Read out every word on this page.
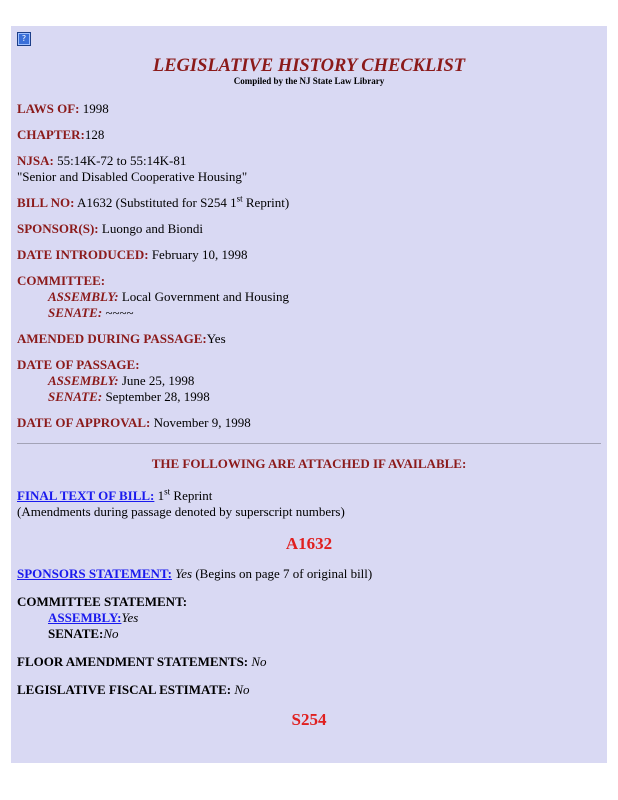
?
LEGISLATIVE HISTORY CHECKLIST

Compiled by the NJ State Law Library

LAWS OF: 1998

CHAPTER:128

NJSA: 55:14K-72 to 55:14K-81
"Senior and Disabled Cooperative Housing"

BILL NO: A1632 (Substituted for S254 1st Reprint)

SPONSOR(S): Luongo and Biondi

DATE INTRODUCED: February 10, 1998

COMMITTEE:
ASSEMBLY: Local Government and Housing
SENATE: ~~~~

AMENDED DURING PASSAGE:Yes

DATE OF PASSAGE:
ASSEMBLY: June 25, 1998
SENATE: September 28, 1998

DATE OF APPROVAL: November 9, 1998

THE FOLLOWING ARE ATTACHED IF AVAILABLE:

FINAL TEXT OF BILL: 1st Reprint
(Amendments during passage denoted by superscript numbers)

A1632

SPONSORS STATEMENT: Yes (Begins on page 7 of original bill)

COMMITTEE STATEMENT:
ASSEMBLY:Yes
SENATE:No

FLOOR AMENDMENT STATEMENTS: No

LEGISLATIVE FISCAL ESTIMATE: No

S254
